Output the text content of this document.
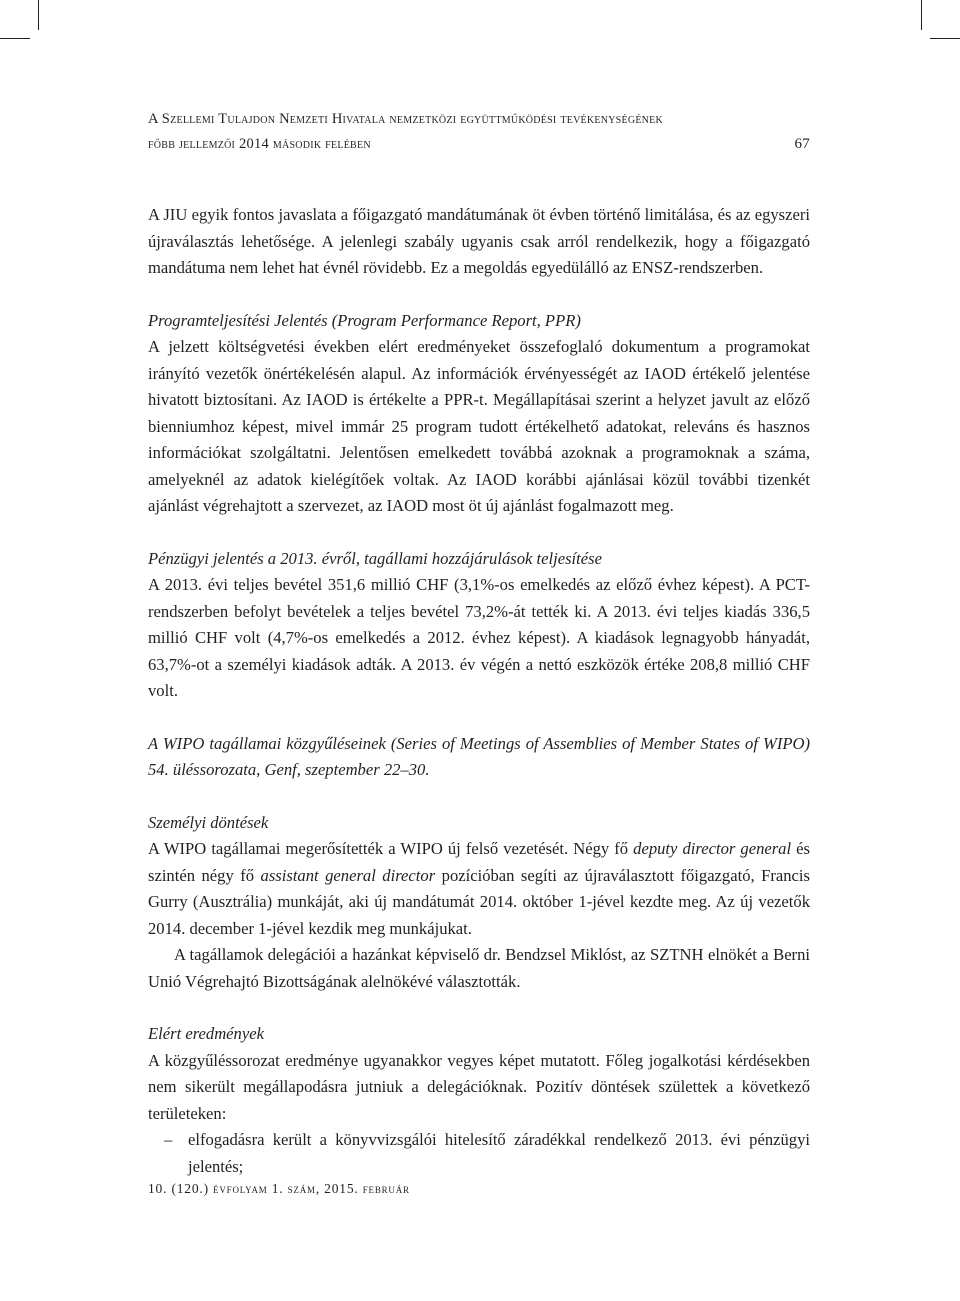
A Szellemi Tulajdon Nemzeti Hivatala nemzetközi együttműködési tevékenységének
főbb jellemzői 2014 második felében	67

A JIU egyik fontos javaslata a főigazgató mandátumának öt évben történő limitálása, és az egyszeri újraválasztás lehetősége. A jelenlegi szabály ugyanis csak arról rendelkezik, hogy a főigazgató mandátuma nem lehet hat évnél rövidebb. Ez a megoldás egyedülálló az ENSZ-rendszerben.

Programteljesítési Jelentés (Program Performance Report, PPR)

A jelzett költségvetési években elért eredményeket összefoglaló dokumentum a programokat irányító vezetők önértékelésén alapul. Az információk érvényességét az IAOD értékelő jelentése hivatott biztosítani. Az IAOD is értékelte a PPR-t. Megállapításai szerint a helyzet javult az előző bienniumhoz képest, mivel immár 25 program tudott értékelhető adatokat, releváns és hasznos információkat szolgáltatni. Jelentősen emelkedett továbbá azoknak a programoknak a száma, amelyeknél az adatok kielégítőek voltak. Az IAOD korábbi ajánlásai közül további tizenkét ajánlást végrehajtott a szervezet, az IAOD most öt új ajánlást fogalmazott meg.

Pénzügyi jelentés a 2013. évről, tagállami hozzájárulások teljesítése

A 2013. évi teljes bevétel 351,6 millió CHF (3,1%-os emelkedés az előző évhez képest). A PCT-rendszerben befolyt bevételek a teljes bevétel 73,2%-át tették ki. A 2013. évi teljes kiadás 336,5 millió CHF volt (4,7%-os emelkedés a 2012. évhez képest). A kiadások legnagyobb hányadát, 63,7%-ot a személyi kiadások adták. A 2013. év végén a nettó eszközök értéke 208,8 millió CHF volt.

A WIPO tagállamai közgyűléseinek (Series of Meetings of Assemblies of Member States of WIPO) 54. üléssorozata, Genf, szeptember 22–30.

Személyi döntések

A WIPO tagállamai megerősítették a WIPO új felső vezetését. Négy fő deputy director general és szintén négy fő assistant general director pozícióban segíti az újraválasztott főigazgató, Francis Gurry (Ausztrália) munkáját, aki új mandátumát 2014. október 1-jével kezdte meg. Az új vezetők 2014. december 1-jével kezdik meg munkájukat.

A tagállamok delegációi a hazánkat képviselő dr. Bendzsel Miklóst, az SZTNH elnökét a Berni Unió Végrehajtó Bizottságának alelnökévé választották.

Elért eredmények

A közgyűléssorozat eredménye ugyanakkor vegyes képet mutatott. Főleg jogalkotási kérdésekben nem sikerült megállapodásra jutniuk a delegációknak. Pozitív döntések születtek a következő területeken:

– elfogadásra került a könyvvizsgálói hitelesítő záradékkal rendelkező 2013. évi pénzügyi jelentés;
10. (120.) évfolyam 1. szám, 2015. február
